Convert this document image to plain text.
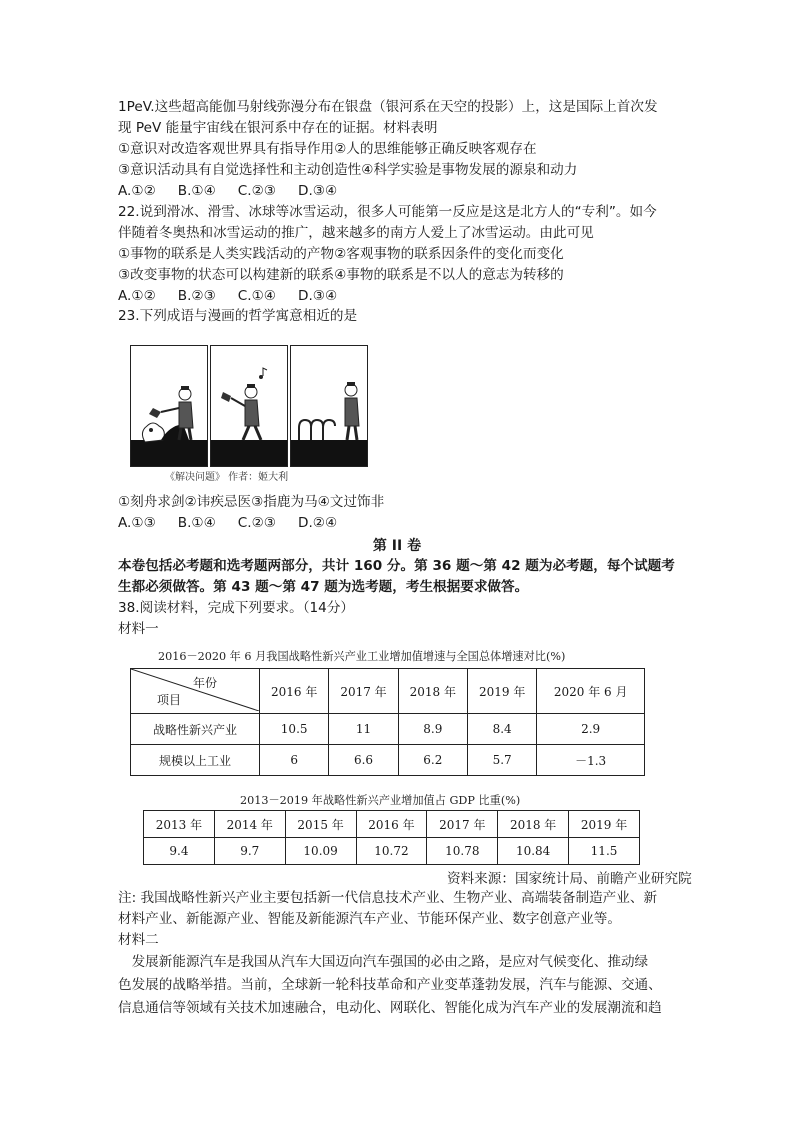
1PeV.这些超高能伽马射线弥漫分布在银盘（银河系在天空的投影）上，这是国际上首次发
现 PeV 能量宇宙线在银河系中存在的证据。材料表明
①意识对改造客观世界具有指导作用②人的思维能够正确反映客观存在
③意识活动具有自觉选择性和主动创造性④科学实验是事物发展的源泉和动力
A.①② B.①④ C.②③ D.③④
22.说到滑冰、滑雪、冰球等冰雪运动，很多人可能第一反应是这是北方人的“专利”。如今
伴随着冬奥热和冰雪运动的推广，越来越多的南方人爱上了冰雪运动。由此可见
①事物的联系是人类实践活动的产物②客观事物的联系因条件的变化而变化
③改变事物的状态可以构建新的联系④事物的联系是不以人的意志为转移的
A.①② B.②③ C.①④ D.③④
23.下列成语与漫画的哲学寓意相近的是
《解决问题》 作者：姬大利
①刻舟求剑②讳疾忌医③指鹿为马④文过饰非
A.①③ B.①④ C.②③ D.②④
第 II 卷
本卷包括必考题和选考题两部分，共计 160 分。第 36 题～第 42 题为必考题，每个试题考
生都必须做答。第 43 题～第 47 题为选考题，考生根据要求做答。
38.阅读材料，完成下列要求。（14分）
材料一
2016－2020 年 6 月我国战略性新兴产业工业增加值增速与全国总体增速对比(%)
年份
项目	2016 年	2017 年	2018 年	2019 年	2020 年 6 月
战略性新兴产业	10.5	11	8.9	8.4	2.9
规模以上工业	6	6.6	6.2	5.7	－1.3
2013－2019 年战略性新兴产业增加值占 GDP 比重(%)
2013 年	2014 年	2015 年	2016 年	2017 年	2018 年	2019 年
9.4	9.7	10.09	10.72	10.78	10.84	11.5
资料来源：国家统计局、前瞻产业研究院
注: 我国战略性新兴产业主要包括新一代信息技术产业、生物产业、高端装备制造产业、新
材料产业、新能源产业、智能及新能源汽车产业、节能环保产业、数字创意产业等。
材料二
　发展新能源汽车是我国从汽车大国迈向汽车强国的必由之路，是应对气候变化、推动绿
色发展的战略举措。当前，全球新一轮科技革命和产业变革蓬勃发展，汽车与能源、交通、
信息通信等领域有关技术加速融合，电动化、网联化、智能化成为汽车产业的发展潮流和趋
